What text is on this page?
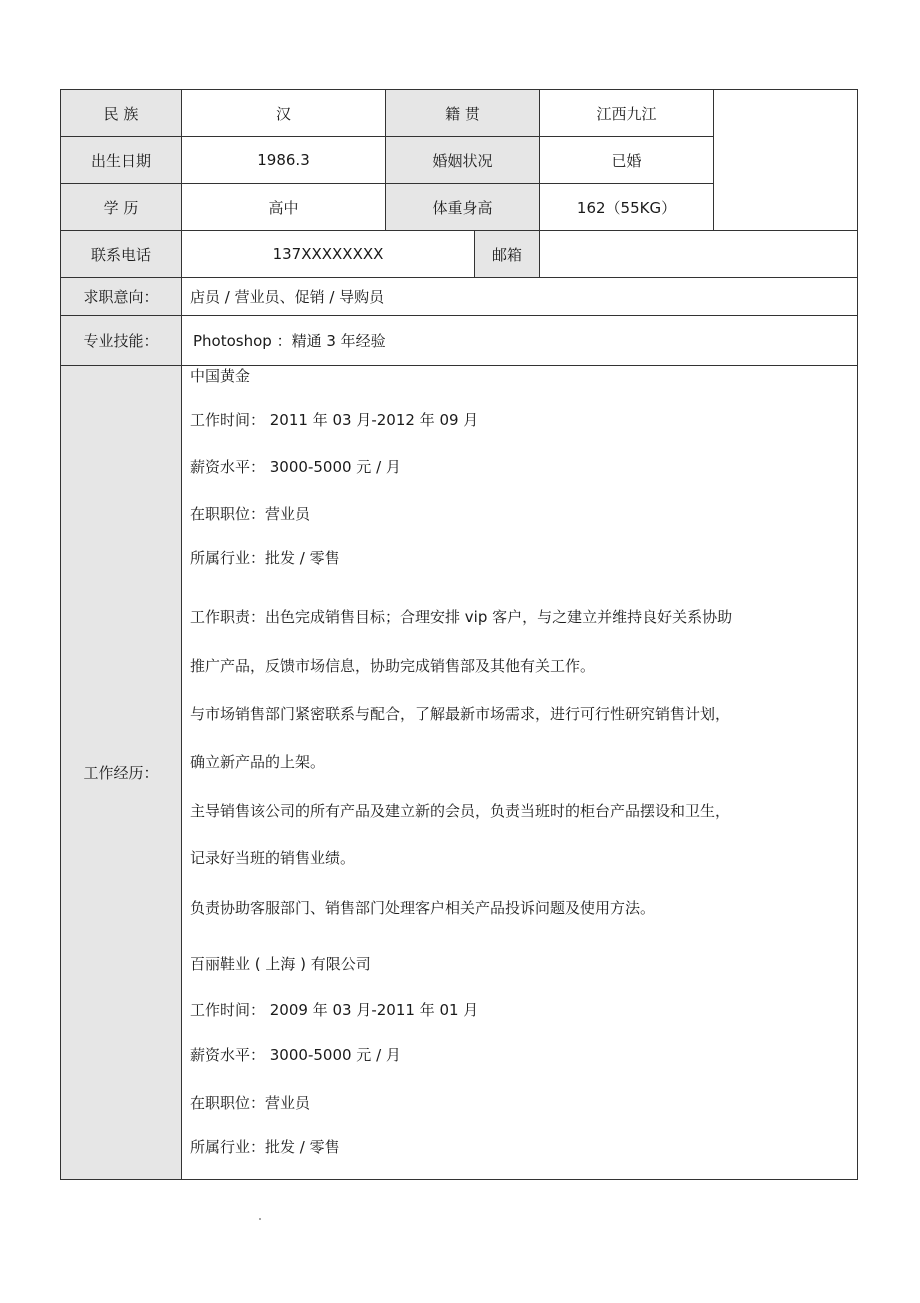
民 族	汉	籍 贯	江西九江
出生日期	1986.3	婚姻状况	已婚
学 历	高中	体重身高	162（55KG）
联系电话	137XXXXXXXX	邮箱
求职意向：	店员 / 营业员、促销 / 导购员
专业技能：	Photoshop ：精通 3 年经验
工作经历：
中国黄金
工作时间： 2011 年 03 月-2012 年 09 月
薪资水平： 3000-5000 元 / 月
在职职位：营业员
所属行业：批发 / 零售
工作职责：出色完成销售目标；合理安排 vip 客户，与之建立并维持良好关系协助
推广产品，反馈市场信息，协助完成销售部及其他有关工作。
与市场销售部门紧密联系与配合，了解最新市场需求，进行可行性研究销售计划，
确立新产品的上架。
主导销售该公司的所有产品及建立新的会员，负责当班时的柜台产品摆设和卫生，
记录好当班的销售业绩。
负责协助客服部门、销售部门处理客户相关产品投诉问题及使用方法。
百丽鞋业 ( 上海 ) 有限公司
工作时间： 2009 年 03 月-2011 年 01 月
薪资水平： 3000-5000 元 / 月
在职职位：营业员
所属行业：批发 / 零售
